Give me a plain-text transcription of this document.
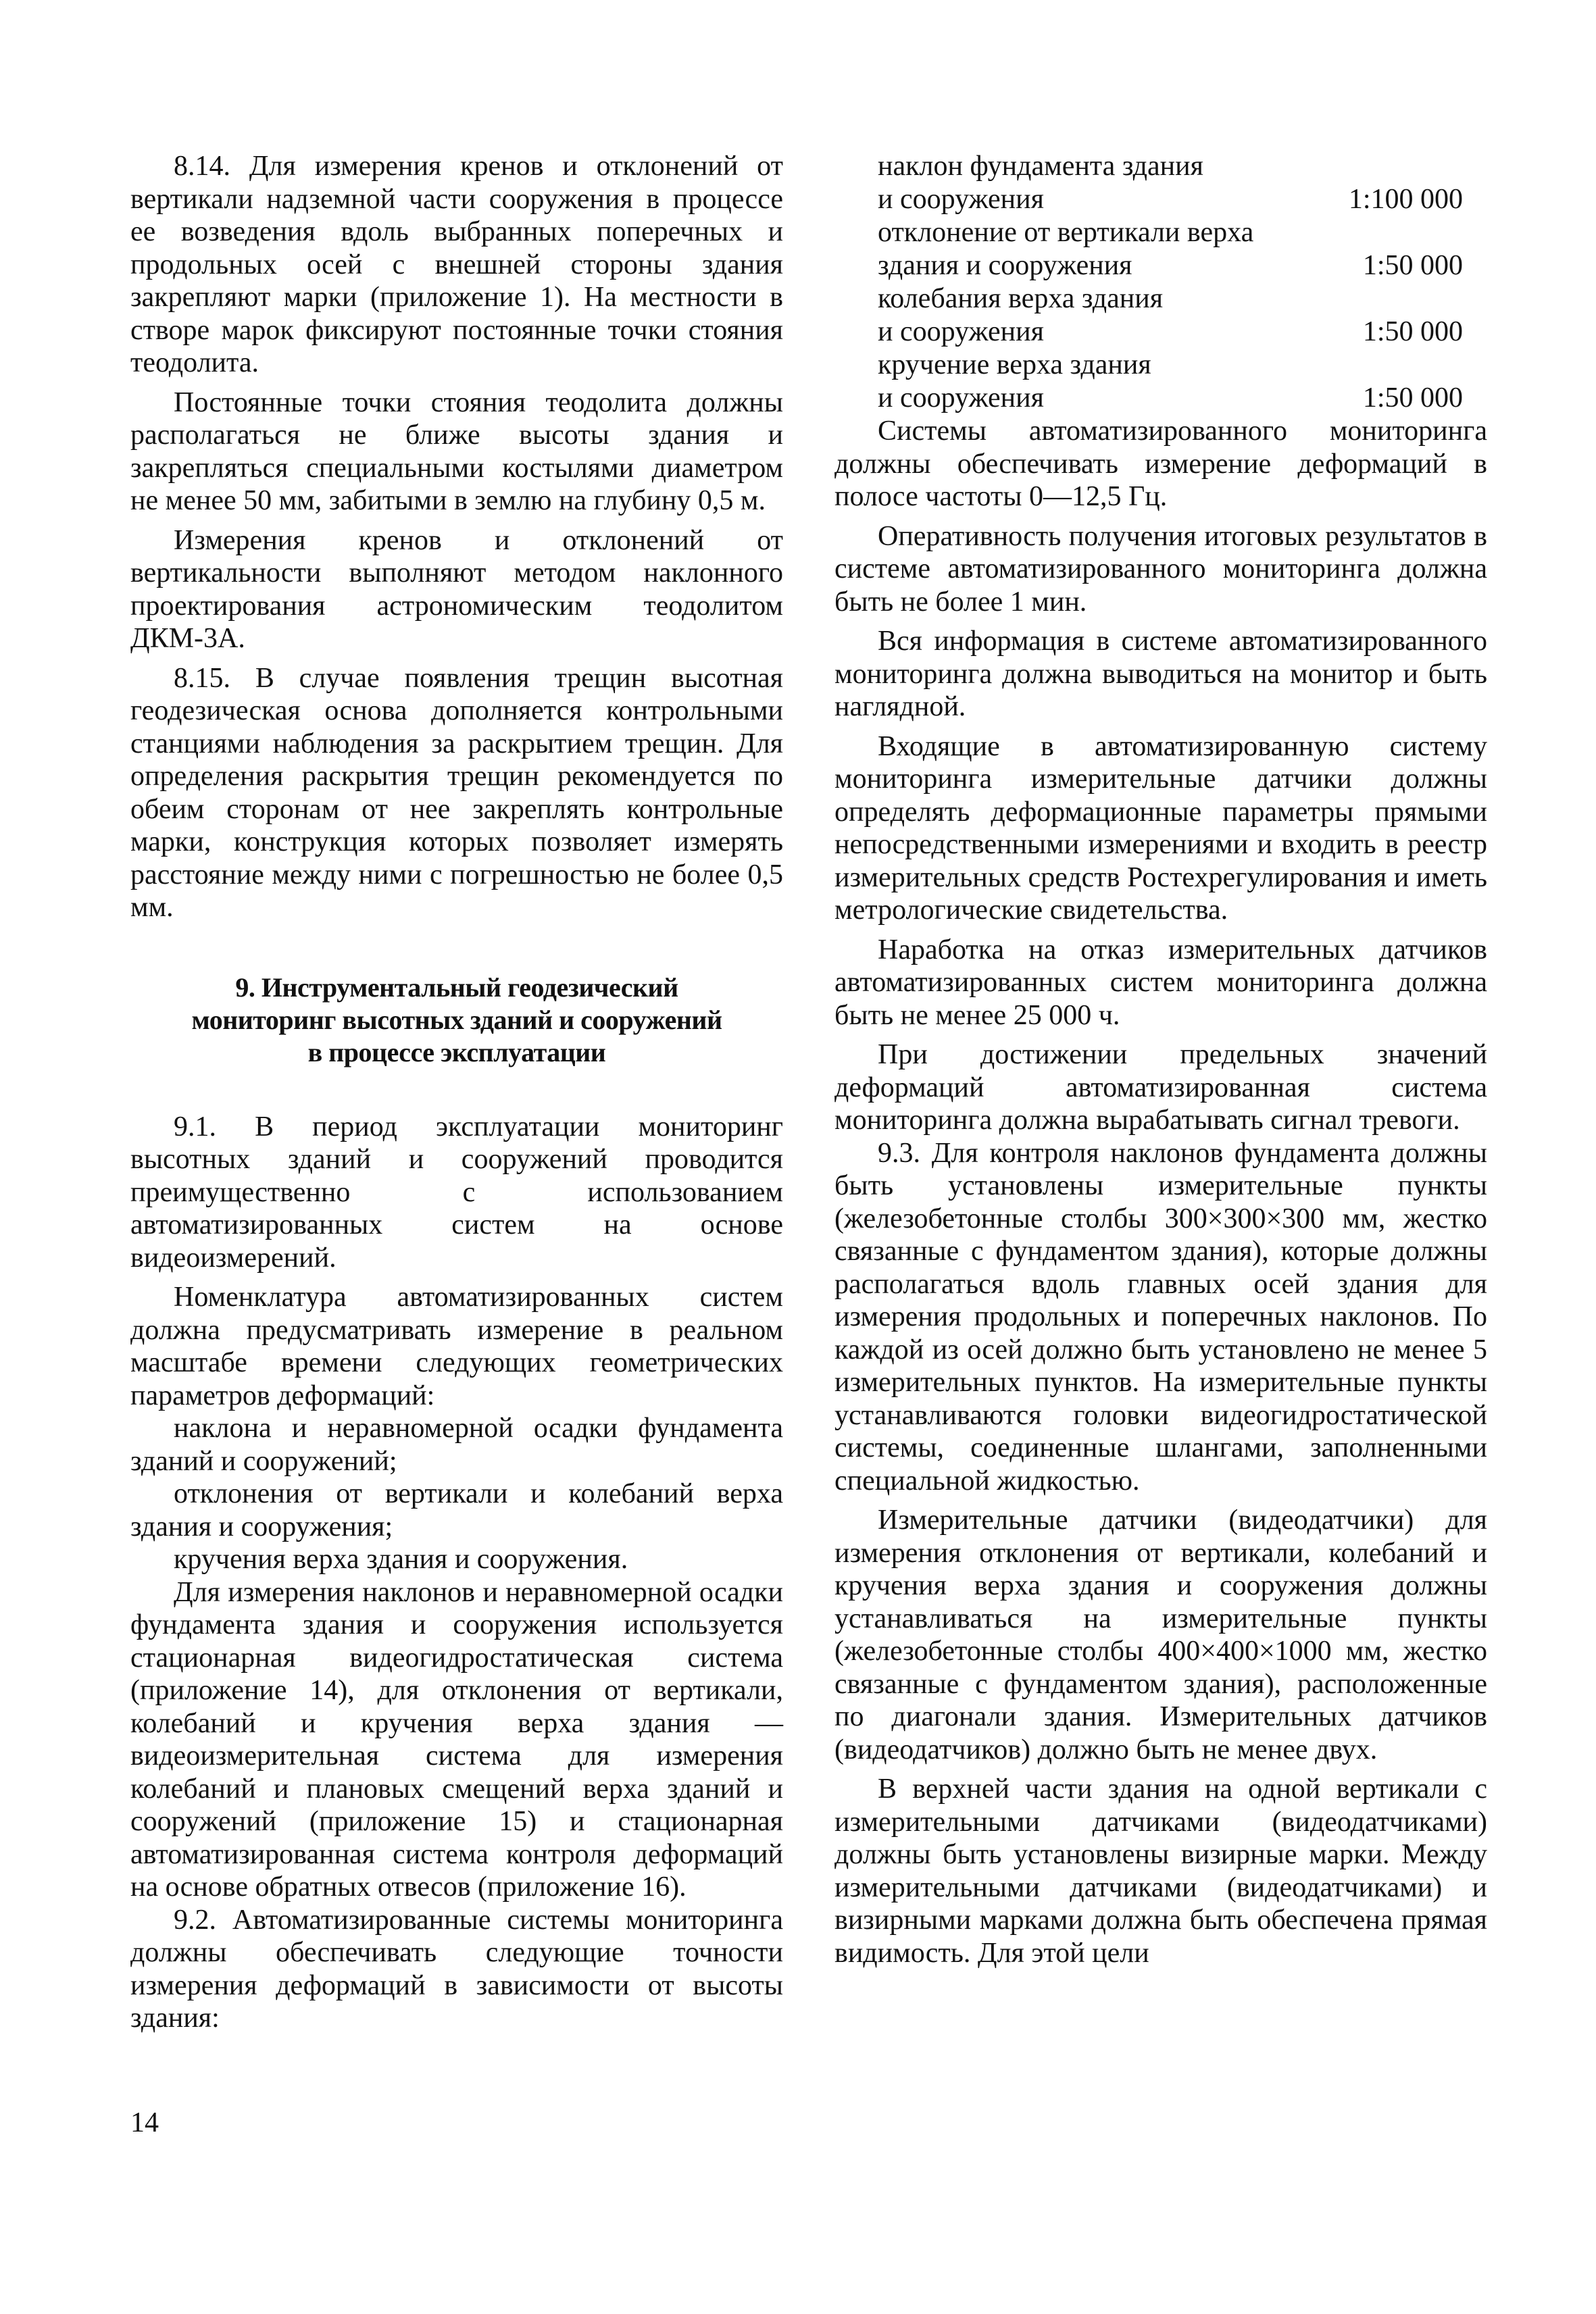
8.14. Для измерения кренов и отклонений от вертикали надземной части сооружения в процессе ее возведения вдоль выбранных поперечных и продольных осей с внешней стороны здания закрепляют марки (приложение 1). На местности в створе марок фиксируют постоянные точки стояния теодолита.

Постоянные точки стояния теодолита должны располагаться не ближе высоты здания и закрепляться специальными костылями диаметром не менее 50 мм, забитыми в землю на глубину 0,5 м.

Измерения кренов и отклонений от вертикальности выполняют методом наклонного проектирования астрономическим теодолитом ДКМ-3А.

8.15. В случае появления трещин высотная геодезическая основа дополняется контрольными станциями наблюдения за раскрытием трещин. Для определения раскрытия трещин рекомендуется по обеим сторонам от нее закреплять контрольные марки, конструкция которых позволяет измерять расстояние между ними с погрешностью не более 0,5 мм.

9. Инструментальный геодезический
мониторинг высотных зданий и сооружений
в процессе эксплуатации

9.1. В период эксплуатации мониторинг высотных зданий и сооружений проводится преимущественно с использованием автоматизированных систем на основе видеоизмерений.

Номенклатура автоматизированных систем должна предусматривать измерение в реальном масштабе времени следующих геометрических параметров деформаций:

наклона и неравномерной осадки фундамента зданий и сооружений;

отклонения от вертикали и колебаний верха здания и сооружения;

кручения верха здания и сооружения.

Для измерения наклонов и неравномерной осадки фундамента здания и сооружения используется стационарная видеогидростатическая система (приложение 14), для отклонения от вертикали, колебаний и кручения верха здания — видеоизмерительная система для измерения колебаний и плановых смещений верха зданий и сооружений (приложение 15) и стационарная автоматизированная система контроля деформаций на основе обратных отвесов (приложение 16).

9.2. Автоматизированные системы мониторинга должны обеспечивать следующие точности измерения деформаций в зависимости от высоты здания:

наклон фундамента здания
и сооружения	1:100 000
отклонение от вертикали верха
здания и сооружения	1:50 000
колебания верха здания
и сооружения	1:50 000
кручение верха здания
и сооружения	1:50 000

Системы автоматизированного мониторинга должны обеспечивать измерение деформаций в полосе частоты 0—12,5 Гц.

Оперативность получения итоговых результатов в системе автоматизированного мониторинга должна быть не более 1 мин.

Вся информация в системе автоматизированного мониторинга должна выводиться на монитор и быть наглядной.

Входящие в автоматизированную систему мониторинга измерительные датчики должны определять деформационные параметры прямыми непосредственными измерениями и входить в реестр измерительных средств Ростехрегулирования и иметь метрологические свидетельства.

Наработка на отказ измерительных датчиков автоматизированных систем мониторинга должна быть не менее 25 000 ч.

При достижении предельных значений деформаций автоматизированная система мониторинга должна вырабатывать сигнал тревоги.

9.3. Для контроля наклонов фундамента должны быть установлены измерительные пункты (железобетонные столбы 300×300×300 мм, жестко связанные с фундаментом здания), которые должны располагаться вдоль главных осей здания для измерения продольных и поперечных наклонов. По каждой из осей должно быть установлено не менее 5 измерительных пунктов. На измерительные пункты устанавливаются головки видеогидростатической системы, соединенные шлангами, заполненными специальной жидкостью.

Измерительные датчики (видеодатчики) для измерения отклонения от вертикали, колебаний и кручения верха здания и сооружения должны устанавливаться на измерительные пункты (железобетонные столбы 400×400×1000 мм, жестко связанные с фундаментом здания), расположенные по диагонали здания. Измерительных датчиков (видеодатчиков) должно быть не менее двух.

В верхней части здания на одной вертикали с измерительными датчиками (видеодатчиками) должны быть установлены визирные марки. Между измерительными датчиками (видеодатчиками) и визирными марками должна быть обеспечена прямая видимость. Для этой цели

14
